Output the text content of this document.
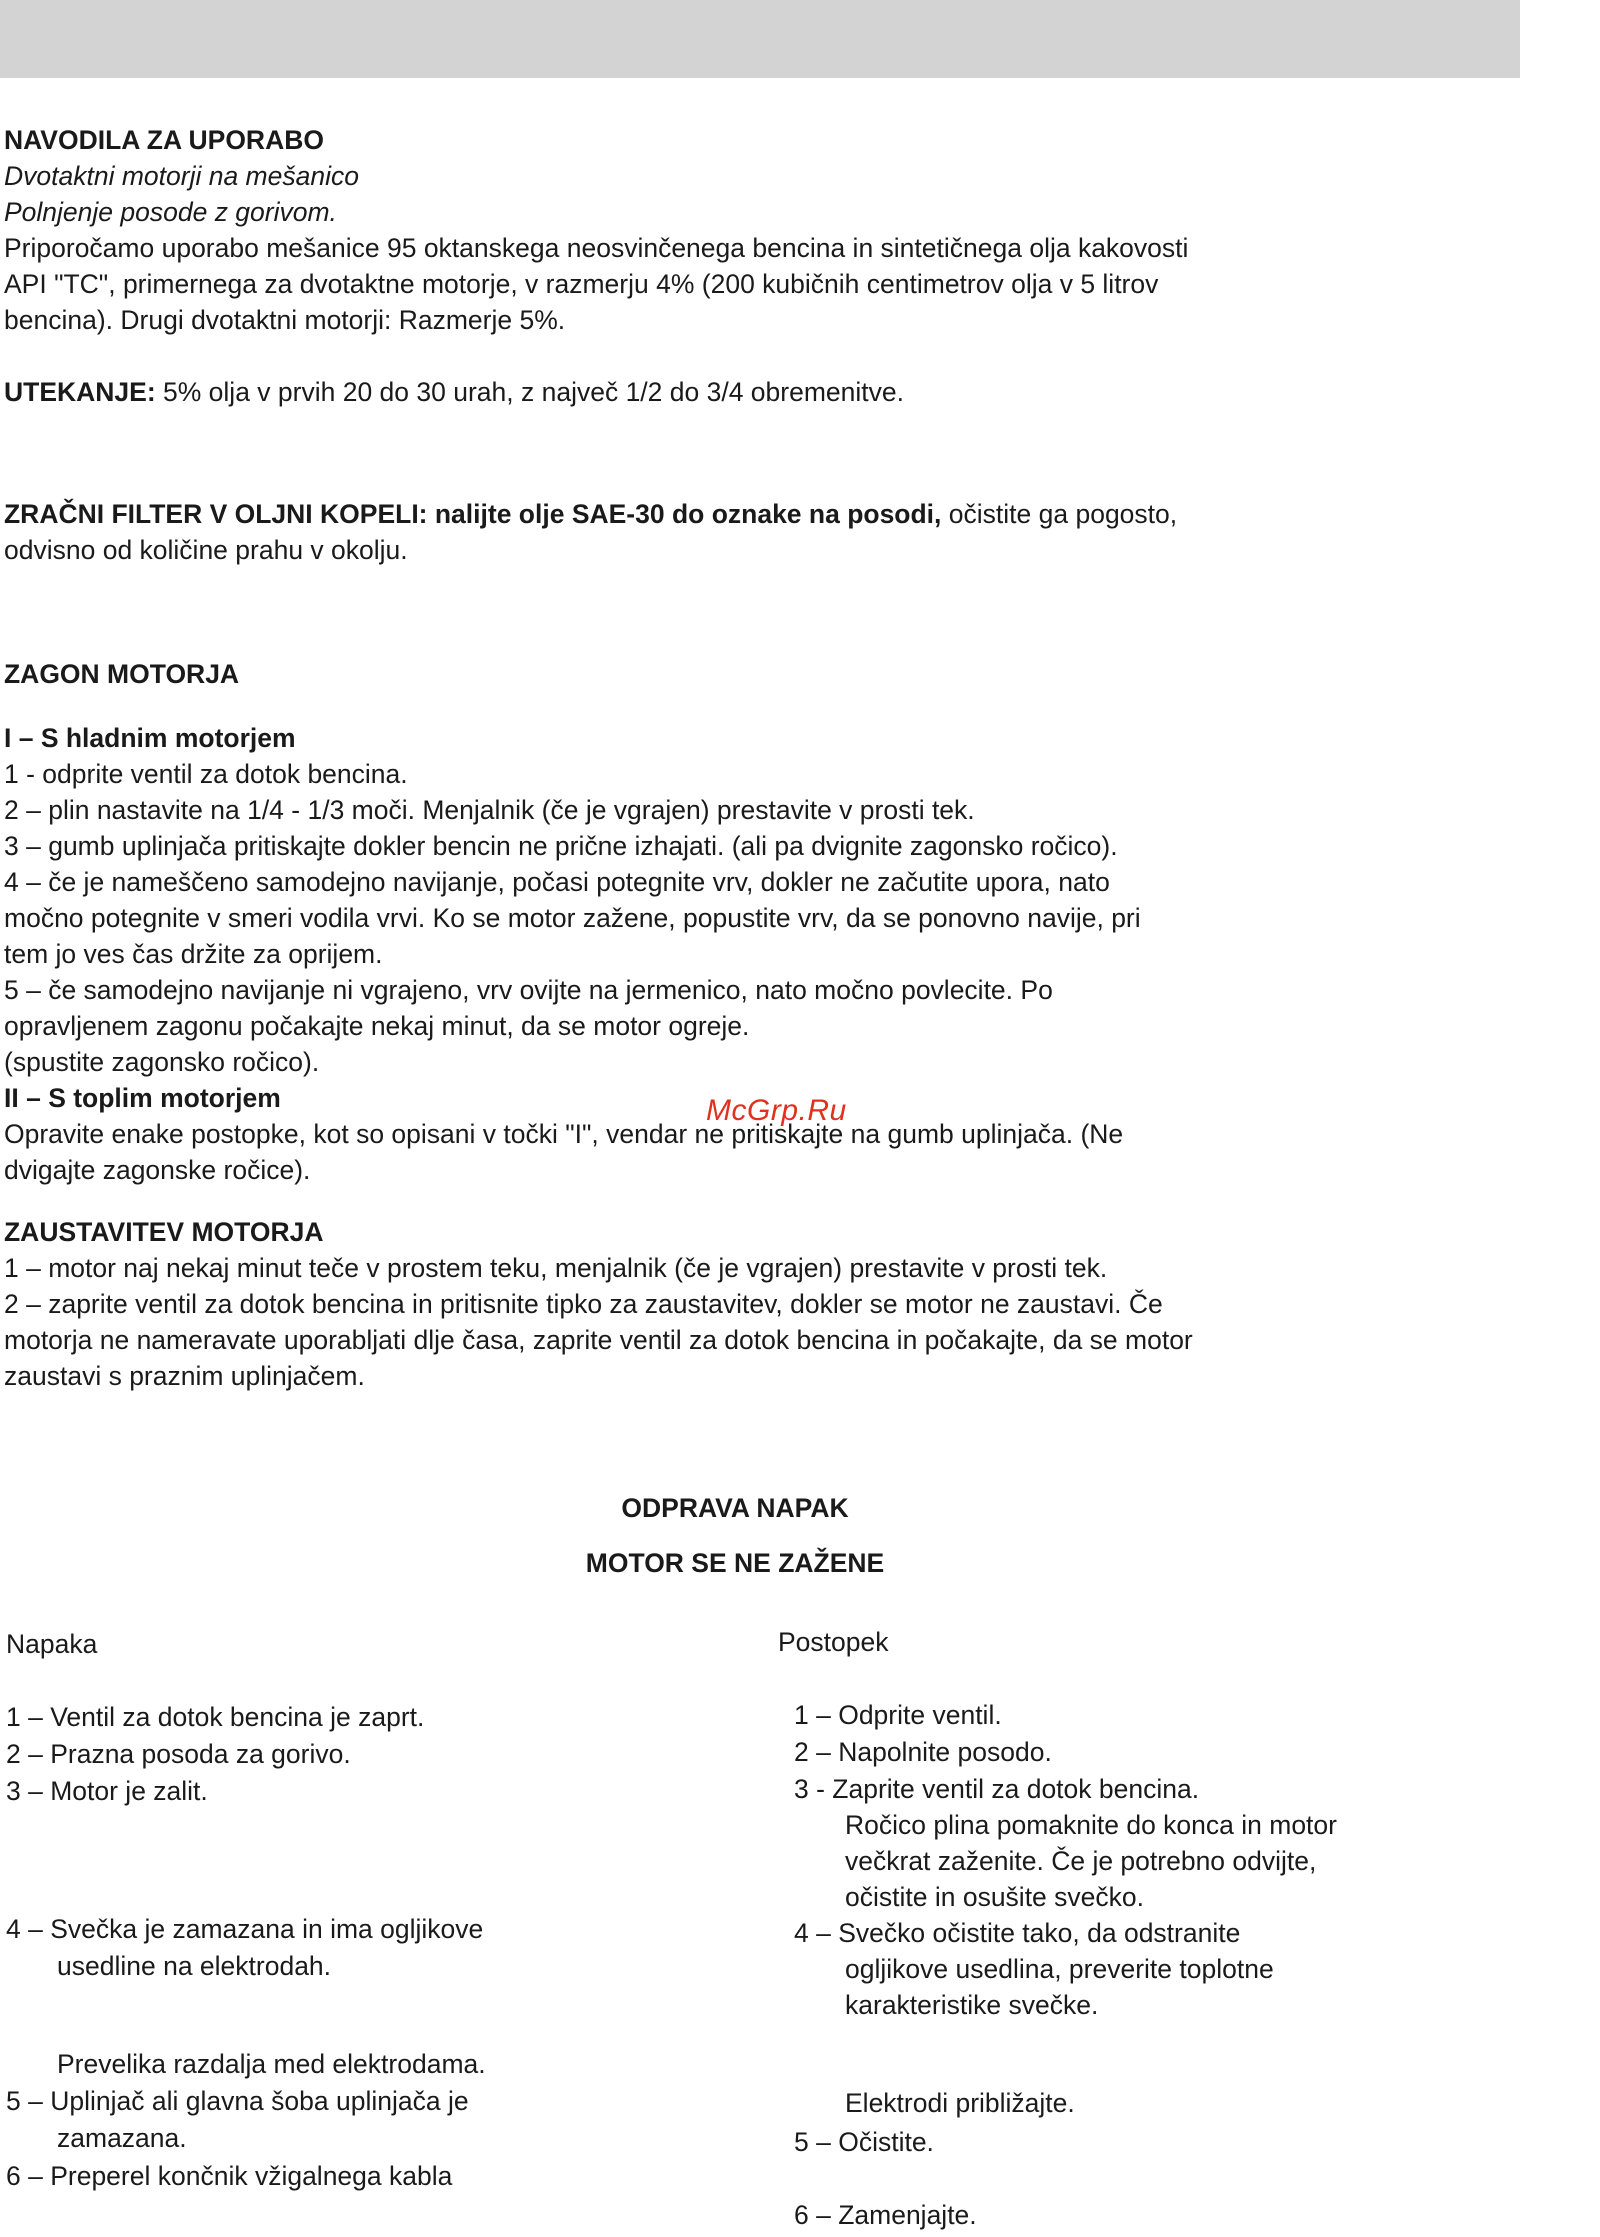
NAVODILA ZA UPORABO
Dvotaktni motorji na mešanico
Polnjenje posode z gorivom.
Priporočamo uporabo mešanice 95 oktanskega neosvinčenega bencina in sintetičnega olja kakovosti
API "TC", primernega za dvotaktne motorje, v razmerju 4% (200 kubičnih centimetrov olja v 5 litrov
bencina). Drugi dvotaktni motorji: Razmerje 5%.
UTEKANJE: 5% olja v prvih 20 do 30 urah, z največ 1/2 do 3/4 obremenitve.
ZRAČNI FILTER V OLJNI KOPELI: nalijte olje SAE-30 do oznake na posodi, očistite ga pogosto,
odvisno od količine prahu v okolju.
ZAGON MOTORJA
I – S hladnim motorjem
1 - odprite ventil za dotok bencina.
2 – plin nastavite na 1/4 - 1/3 moči. Menjalnik (če je vgrajen) prestavite v prosti tek.
3 – gumb uplinjača pritiskajte dokler bencin ne prične izhajati. (ali pa dvignite zagonsko ročico).
4 – če je nameščeno samodejno navijanje, počasi potegnite vrv, dokler ne začutite upora, nato
močno potegnite v smeri vodila vrvi. Ko se motor zažene, popustite vrv, da se ponovno navije, pri
tem jo ves čas držite za oprijem.
5 – če samodejno navijanje ni vgrajeno, vrv ovijte na jermenico, nato močno povlecite. Po
opravljenem zagonu počakajte nekaj minut, da se motor ogreje.
(spustite zagonsko ročico).
II – S toplim motorjem
Opravite enake postopke, kot so opisani v točki "I", vendar ne pritiskajte na gumb uplinjača. (Ne
dvigajte zagonske ročice).
McGrp.Ru
ZAUSTAVITEV MOTORJA
1 – motor naj nekaj minut teče v prostem teku, menjalnik (če je vgrajen) prestavite v prosti tek.
2 – zaprite ventil za dotok bencina in pritisnite tipko za zaustavitev, dokler se motor ne zaustavi. Če
motorja ne nameravate uporabljati dlje časa, zaprite ventil za dotok bencina in počakajte, da se motor
zaustavi s praznim uplinjačem.
ODPRAVA NAPAK
MOTOR SE NE ZAŽENE
Napaka	Postopek
1 – Ventil za dotok bencina je zaprt.
2 – Prazna posoda za gorivo.
3 – Motor je zalit.
4 – Svečka je zamazana in ima ogljikove
usedline na elektrodah.
Prevelika razdalja med elektrodama.
5 – Uplinjač ali glavna šoba uplinjača je
zamazana.
6 – Preperel končnik vžigalnega kabla
1 – Odprite ventil.
2 – Napolnite posodo.
3 - Zaprite ventil za dotok bencina.
Ročico plina pomaknite do konca in motor
večkrat zaženite. Če je potrebno odvijte,
očistite in osušite svečko.
4 – Svečko očistite tako, da odstranite
ogljikove usedlina, preverite toplotne
karakteristike svečke.
Elektrodi približajte.
5 – Očistite.
6 – Zamenjajte.
